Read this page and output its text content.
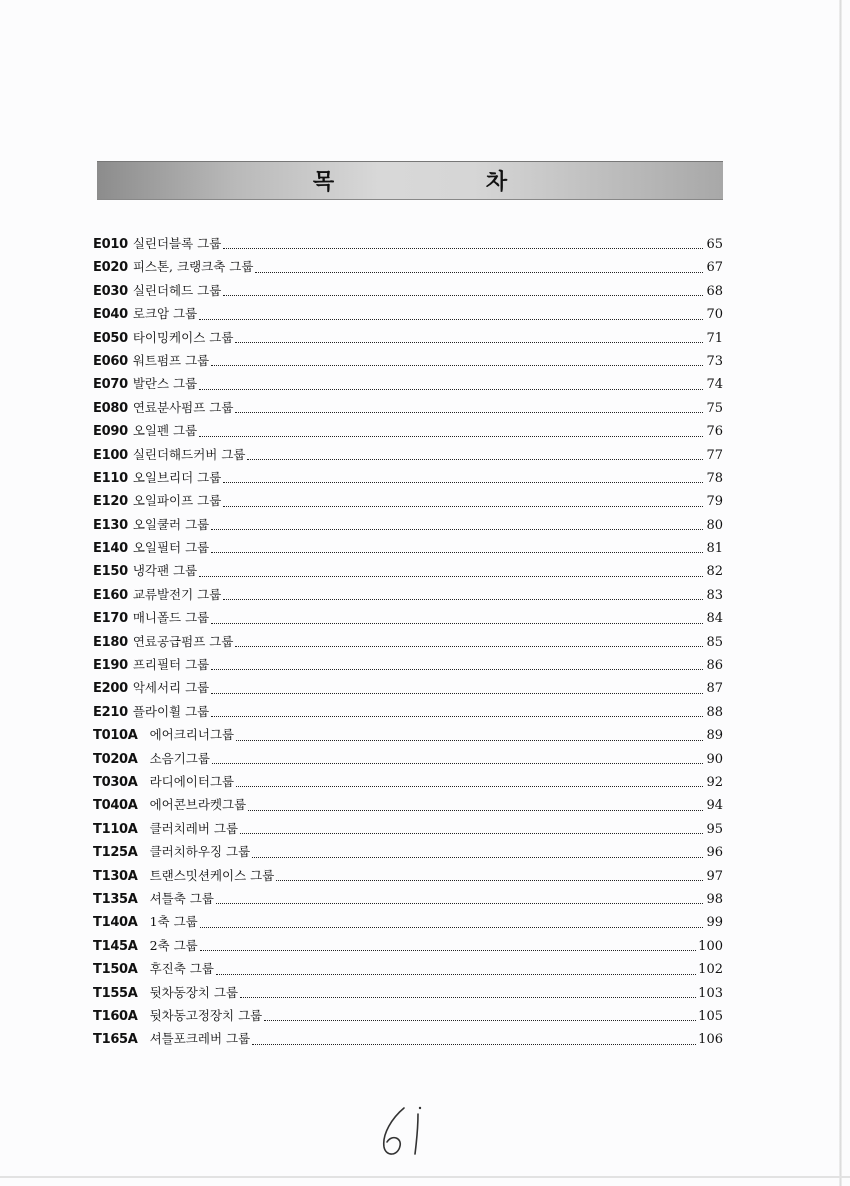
목 차
E010 실린더블록 그룹	65
E020 피스톤, 크랭크축 그룹	67
E030 실린더헤드 그룹	68
E040 로크암 그룹	70
E050 타이밍케이스 그룹	71
E060 워트펌프 그룹	73
E070 발란스 그룹	74
E080 연료분사펌프 그룹	75
E090 오일펜 그룹	76
E100 실린더해드커버 그룹	77
E110 오일브리더 그룹	78
E120 오일파이프 그룹	79
E130 오일쿨러 그룹	80
E140 오일필터 그룹	81
E150 냉각팬 그룹	82
E160 교류발전기 그룹	83
E170 매니폴드 그룹	84
E180 연료공급펌프 그룹	85
E190 프리필터 그룹	86
E200 악세서리 그룹	87
E210 플라이휠 그룹	88
T010A 에어크리너그룹	89
T020A 소음기그룹	90
T030A 라디에이터그룹	92
T040A 에어콘브라켓그룹	94
T110A 클러치레버 그룹	95
T125A 클러치하우징 그룹	96
T130A 트랜스밋션케이스 그룹	97
T135A 셔틀축 그룹	98
T140A 1축 그룹	99
T145A 2축 그룹	100
T150A 후진축 그룹	102
T155A 뒷차동장치 그룹	103
T160A 뒷차동고정장치 그룹	105
T165A 셔틀포크레버 그룹	106
